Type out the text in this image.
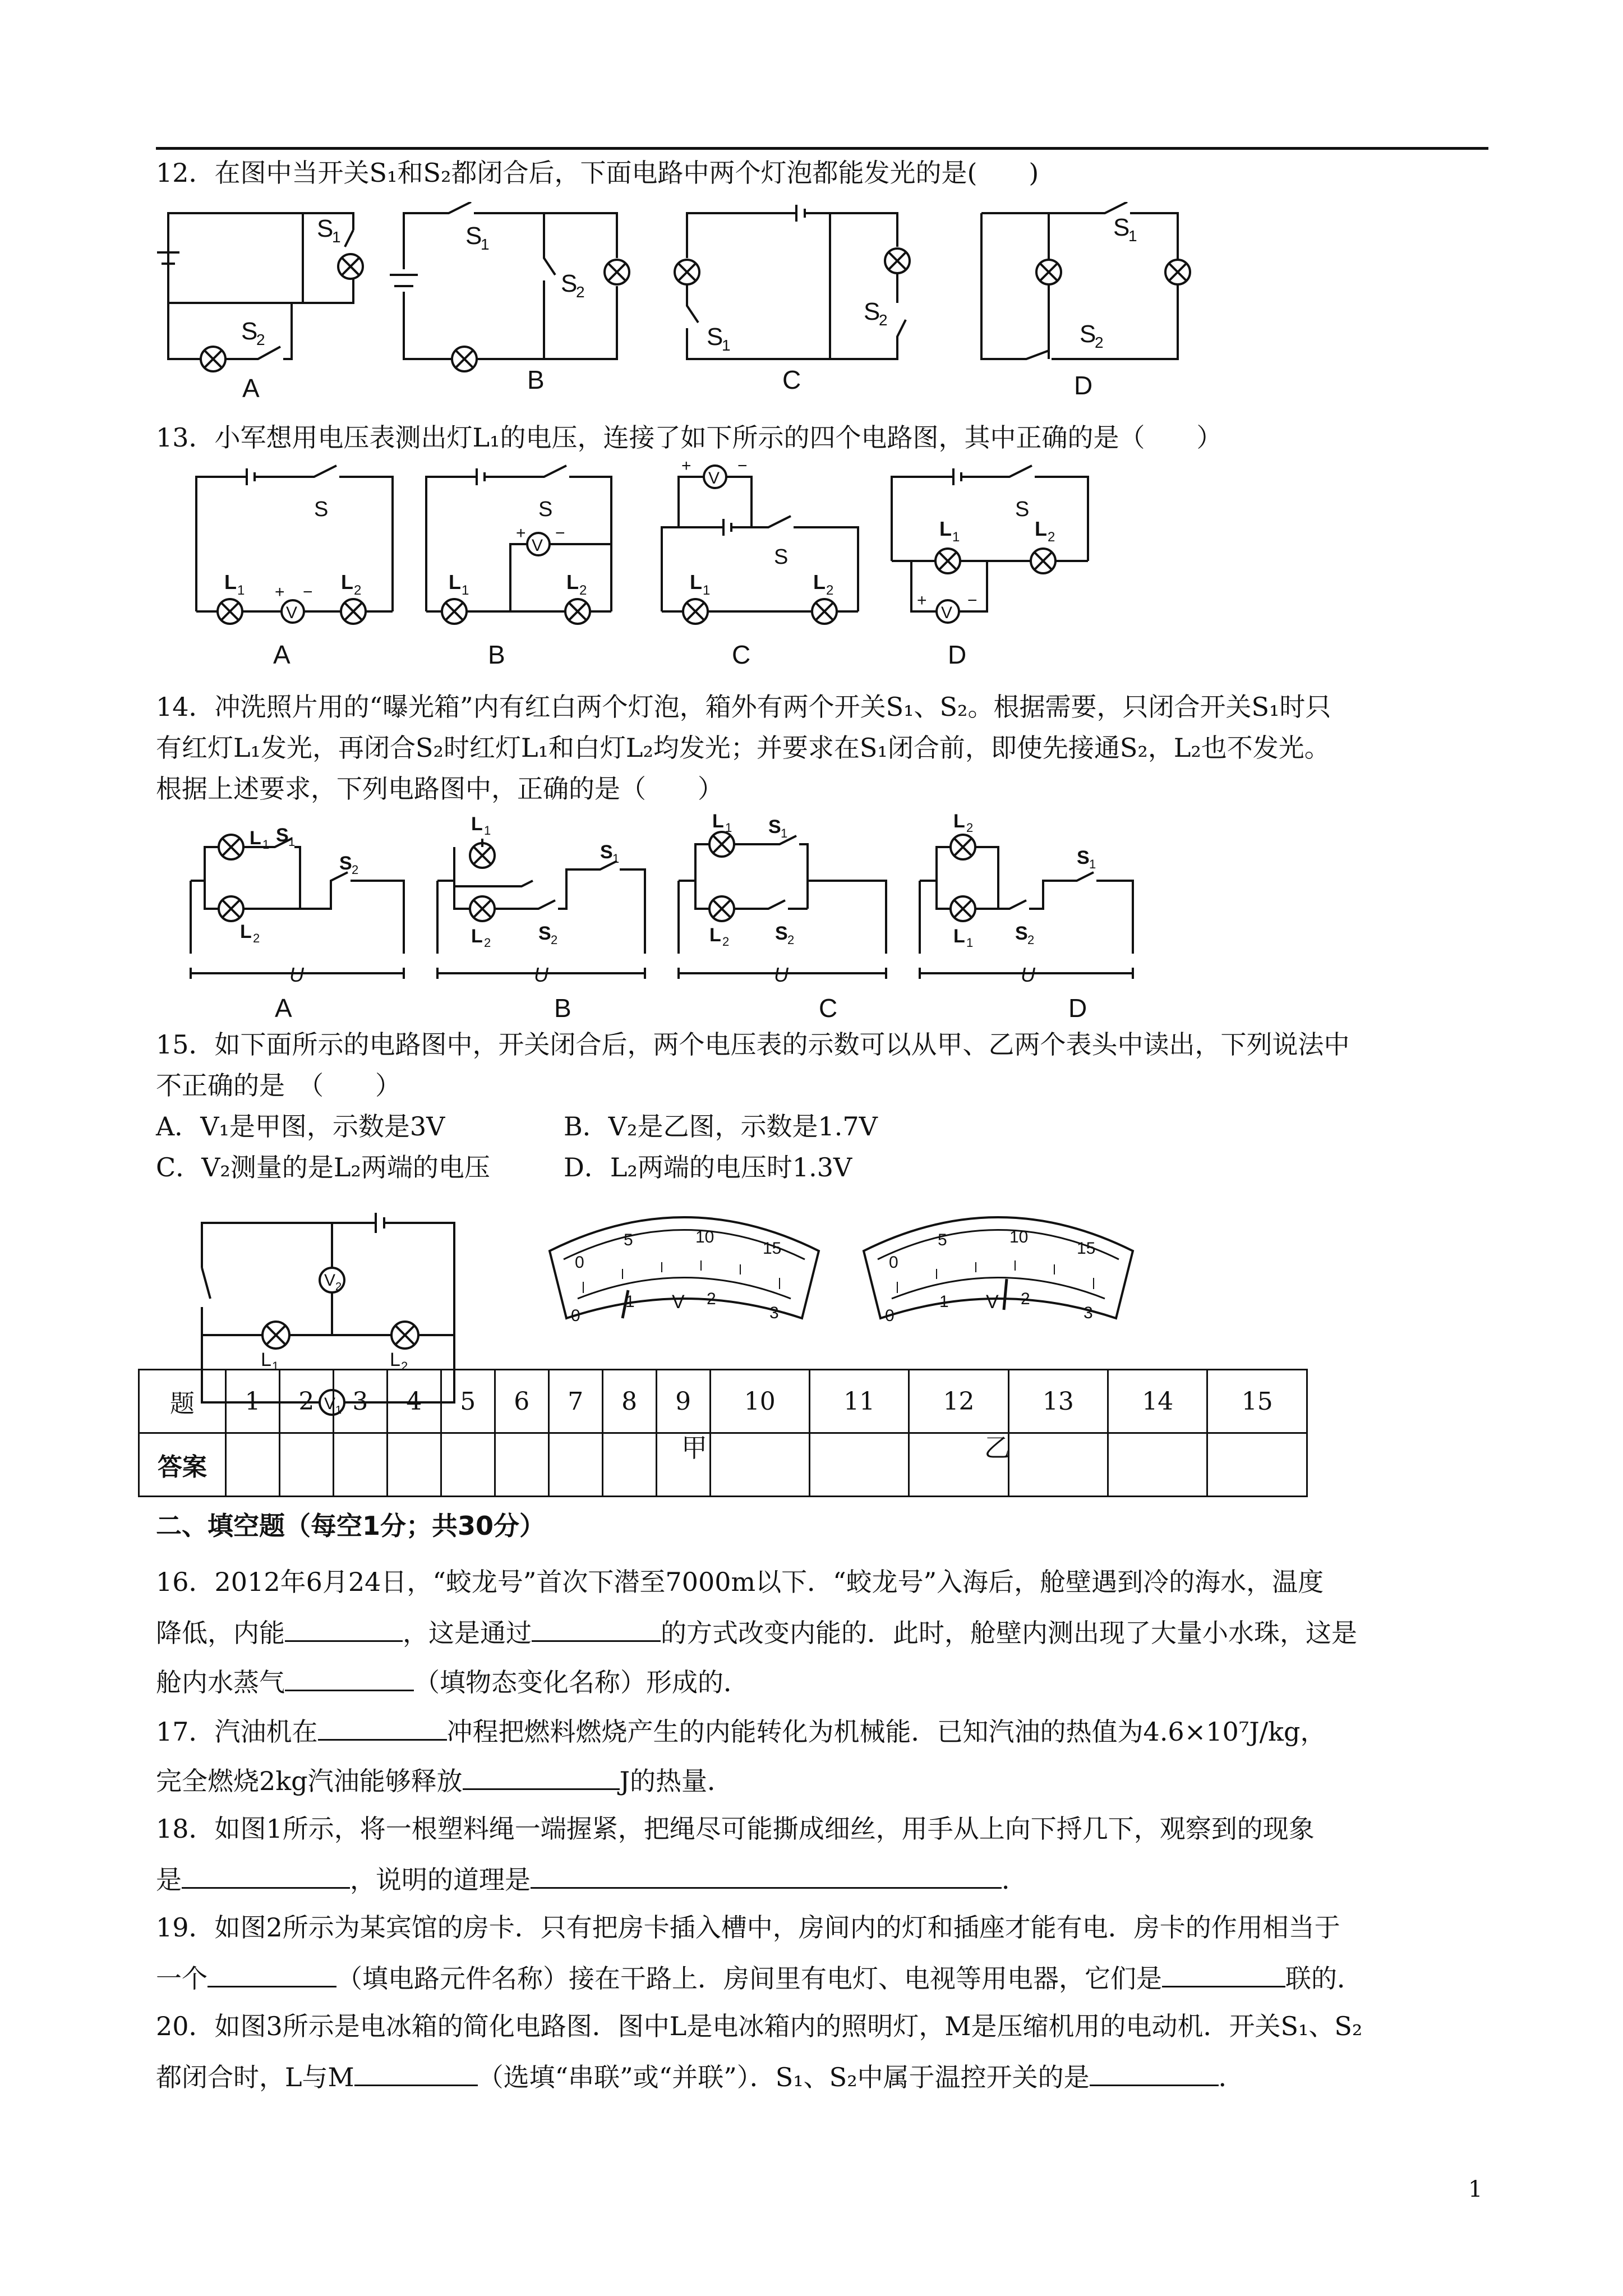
12．在图中当开关S₁和S₂都闭合后，下面电路中两个灯泡都能发光的是(　　)
S
1
S
2
S
1
S
2
S
1
S
2
S
1
S
2
A	B	C	D
13．小军想用电压表测出灯L₁的电压，连接了如下所示的四个电路图，其中正确的是（　　）
V
S
L 1	L 2
+ −
V
S
+ −
L 1	L 2
V
+	−
S
L 1	L 2
V
+ −
S
L 1	L 2
A	B	C	D
14．冲洗照片用的“曝光箱”内有红白两个灯泡，箱外有两个开关S₁、S₂。根据需要，只闭合开关S₁时只
有红灯L₁发光，再闭合S₂时红灯L₁和白灯L₂均发光；并要求在S₁闭合前，即使先接通S₂，L₂也不发光。
根据上述要求，下列电路图中，正确的是（　　）
U
L 1 S 1
S 2
L 2
U
L 1
S 1
L 2 S 2
U
L 1 S 1
L 2 S 2
U
L 2
S 1
L 1 S 2
A	B	C	D
15．如下面所示的电路图中，开关闭合后，两个电压表的示数可以从甲、乙两个表头中读出，下列说法中
不正确的是　（　　）
A．V₁是甲图，示数是3V	B．V₂是乙图，示数是1.7V
C．V₂测量的是L₂两端的电压	D．L₂两端的电压时1.3V
V 2
V 1
L 1	L 2
0
1	2
3
0
5	10
15
V
0
1	2
3
0
5	10
15
V
题	1	2	3	4	5	6	7	8	9	10	11	12	13	14	15
答案															
甲	乙
二、填空题（每空1分；共30分）
16．2012年6月24日，“蛟龙号”首次下潜至7000m以下．“蛟龙号”入海后，舱壁遇到冷的海水，温度
降低，内能	，这是通过	的方式改变内能的．此时，舱壁内测出现了大量小水珠，这是
舱内水蒸气	（填物态变化名称）形成的．
17．汽油机在	冲程把燃料燃烧产生的内能转化为机械能．已知汽油的热值为4.6×10⁷J/kg，
完全燃烧2kg汽油能够释放	J的热量．
18．如图1所示，将一根塑料绳一端握紧，把绳尽可能撕成细丝，用手从上向下捋几下，观察到的现象
是	，说明的道理是	．
19．如图2所示为某宾馆的房卡．只有把房卡插入槽中，房间内的灯和插座才能有电．房卡的作用相当于
一个	（填电路元件名称）接在干路上．房间里有电灯、电视等用电器，它们是	联的．
20．如图3所示是电冰箱的简化电路图．图中L是电冰箱内的照明灯，M是压缩机用的电动机．开关S₁、S₂
都闭合时，L与M	（选填“串联”或“并联”）．S₁、S₂中属于温控开关的是	．
1
